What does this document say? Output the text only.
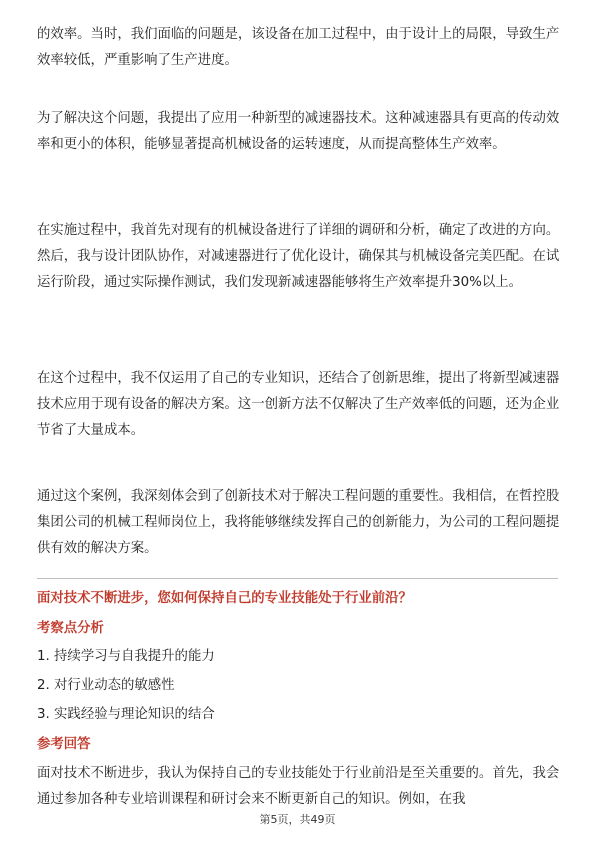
的效率。当时，我们面临的问题是，该设备在加工过程中，由于设计上的局限，导致生产效率较低，严重影响了生产进度。

为了解决这个问题，我提出了应用一种新型的减速器技术。这种减速器具有更高的传动效率和更小的体积，能够显著提高机械设备的运转速度，从而提高整体生产效率。

在实施过程中，我首先对现有的机械设备进行了详细的调研和分析，确定了改进的方向。然后，我与设计团队协作，对减速器进行了优化设计，确保其与机械设备完美匹配。在试运行阶段，通过实际操作测试，我们发现新减速器能够将生产效率提升30%以上。

在这个过程中，我不仅运用了自己的专业知识，还结合了创新思维，提出了将新型减速器技术应用于现有设备的解决方案。这一创新方法不仅解决了生产效率低的问题，还为企业节省了大量成本。

通过这个案例，我深刻体会到了创新技术对于解决工程问题的重要性。我相信，在哲控股集团公司的机械工程师岗位上，我将能够继续发挥自己的创新能力，为公司的工程问题提供有效的解决方案。

面对技术不断进步，您如何保持自己的专业技能处于行业前沿？

考察点分析

1. 持续学习与自我提升的能力
2. 对行业动态的敏感性
3. 实践经验与理论知识的结合

参考回答

面对技术不断进步，我认为保持自己的专业技能处于行业前沿是至关重要的。首先，我会通过参加各种专业培训课程和研讨会来不断更新自己的知识。例如，在我

第5页，共49页
